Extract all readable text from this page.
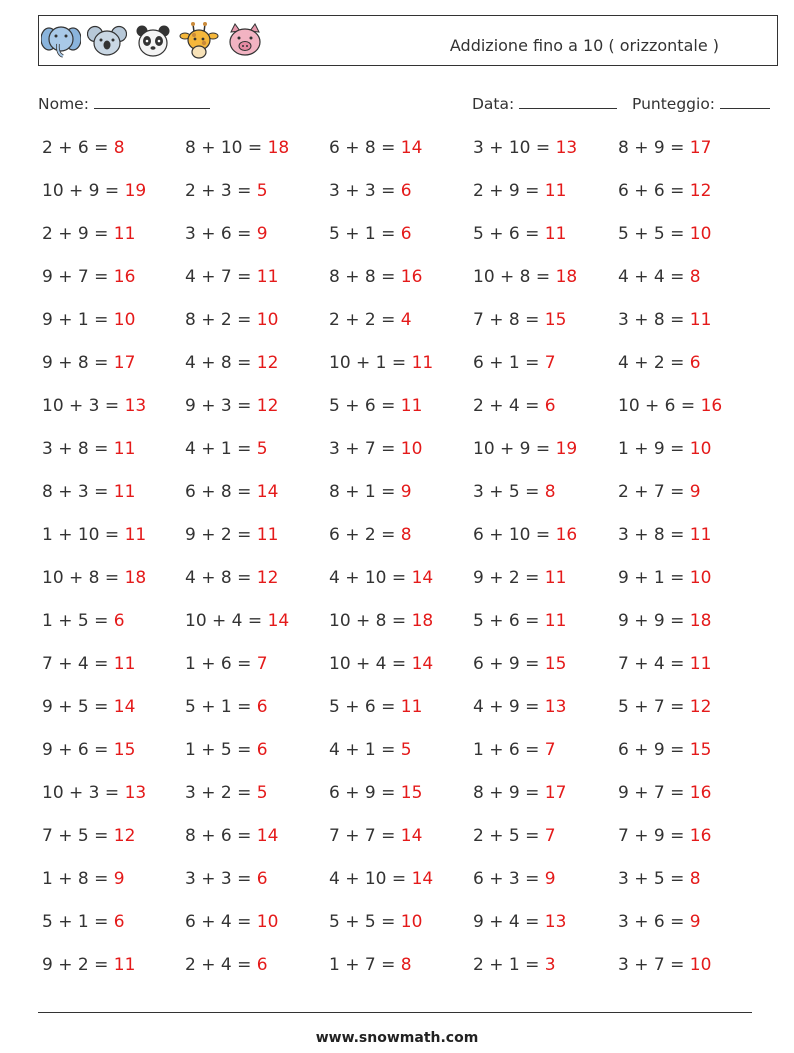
Addizione fino a 10 ( orizzontale )
Nome:	Data:	Punteggio:
2 + 6 = 8	8 + 10 = 18 6 + 8 = 14	3 + 10 = 13 8 + 9 = 17
10 + 9 = 19 2 + 3 = 5	3 + 3 = 6	2 + 9 = 11	6 + 6 = 12
2 + 9 = 11	3 + 6 = 9	5 + 1 = 6	5 + 6 = 11	5 + 5 = 10
9 + 7 = 16	4 + 7 = 11	8 + 8 = 16	10 + 8 = 18 4 + 4 = 8
9 + 1 = 10	8 + 2 = 10	2 + 2 = 4	7 + 8 = 15	3 + 8 = 11
9 + 8 = 17	4 + 8 = 12	10 + 1 = 11 6 + 1 = 7	4 + 2 = 6
10 + 3 = 13 9 + 3 = 12	5 + 6 = 11	2 + 4 = 6	10 + 6 = 16
3 + 8 = 11	4 + 1 = 5	3 + 7 = 10	10 + 9 = 19 1 + 9 = 10
8 + 3 = 11	6 + 8 = 14	8 + 1 = 9	3 + 5 = 8	2 + 7 = 9
1 + 10 = 11 9 + 2 = 11	6 + 2 = 8	6 + 10 = 16 3 + 8 = 11
10 + 8 = 18 4 + 8 = 12	4 + 10 = 14 9 + 2 = 11	9 + 1 = 10
1 + 5 = 6	10 + 4 = 14 10 + 8 = 18 5 + 6 = 11	9 + 9 = 18
7 + 4 = 11	1 + 6 = 7	10 + 4 = 14 6 + 9 = 15	7 + 4 = 11
9 + 5 = 14	5 + 1 = 6	5 + 6 = 11	4 + 9 = 13	5 + 7 = 12
9 + 6 = 15	1 + 5 = 6	4 + 1 = 5	1 + 6 = 7	6 + 9 = 15
10 + 3 = 13 3 + 2 = 5	6 + 9 = 15	8 + 9 = 17	9 + 7 = 16
7 + 5 = 12	8 + 6 = 14	7 + 7 = 14	2 + 5 = 7	7 + 9 = 16
1 + 8 = 9	3 + 3 = 6	4 + 10 = 14 6 + 3 = 9	3 + 5 = 8
5 + 1 = 6	6 + 4 = 10	5 + 5 = 10	9 + 4 = 13	3 + 6 = 9
9 + 2 = 11	2 + 4 = 6	1 + 7 = 8	2 + 1 = 3	3 + 7 = 10
www.snowmath.com
